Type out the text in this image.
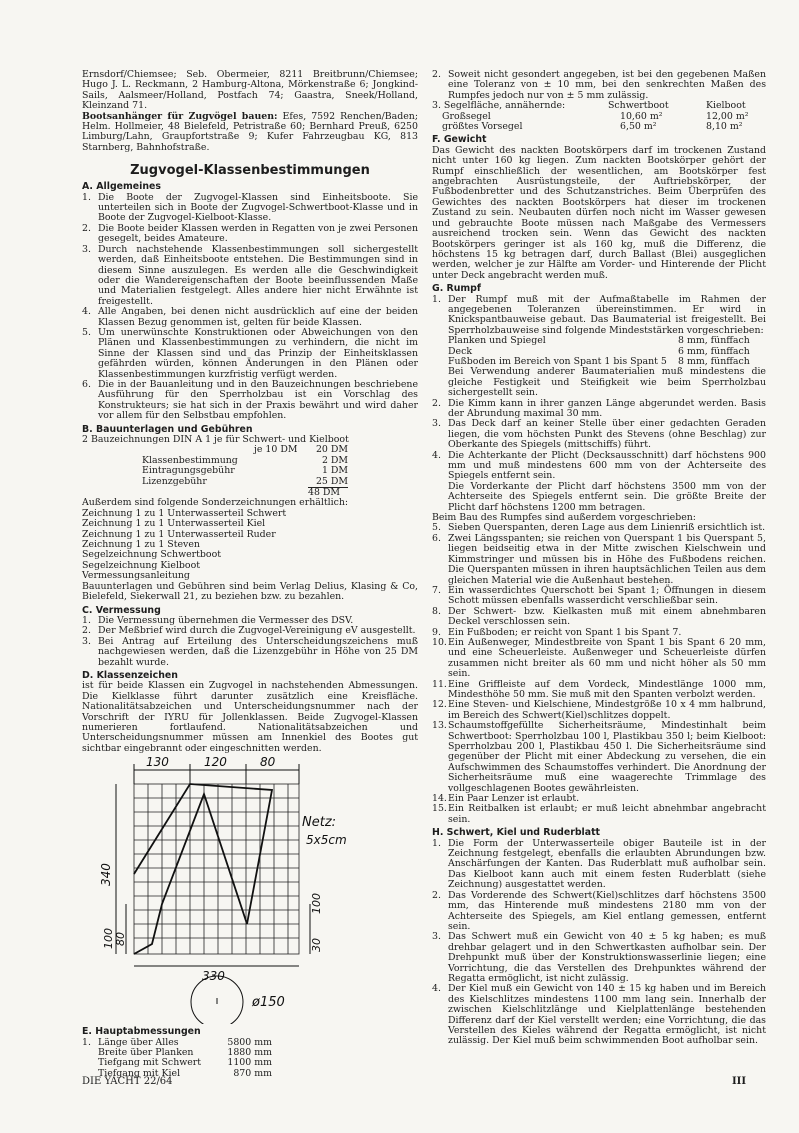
Ernsdorf/Chiemsee; Seb. Obermeier, 8211 Breitbrunn/Chiemsee; Hugo J. L. Reckmann, 2 Hamburg-Altona, Mörkenstraße 6; Jongkind-Sails, Aalsmeer/Holland, Postfach 74; Gaastra, Sneek/Holland, Kleinzand 71.

Bootsanhänger für Zugvögel bauen: Efes, 7592 Renchen/Baden; Helm. Hollmeier, 48 Bielefeld, Petristraße 60; Bernhard Preuß, 6250 Limburg/Lahn, Graupfortstraße 9; Kufer Fahrzeugbau KG, 813 Starnberg, Bahnhofstraße.

Zugvogel-Klassenbestimmungen
A. Allgemeines
1. Die Boote der Zugvogel-Klassen sind Einheitsboote. Sie unterteilen sich in Boote der Zugvogel-Schwertboot-Klasse und in Boote der Zugvogel-Kielboot-Klasse.
2. Die Boote beider Klassen werden in Regatten von je zwei Personen gesegelt, beides Amateure.
3. Durch nachstehende Klassenbestimmungen soll sichergestellt werden, daß Einheitsboote entstehen. Die Bestimmungen sind in diesem Sinne auszulegen. Es werden alle die Geschwindigkeit oder die Wandereigenschaften der Boote beeinflussenden Maße und Materialien festgelegt. Alles andere hier nicht Erwähnte ist freigestellt.
4. Alle Angaben, bei denen nicht ausdrücklich auf eine der beiden Klassen Bezug genommen ist, gelten für beide Klassen.
5. Um unerwünschte Konstruktionen oder Abweichungen von den Plänen und Klassenbestimmungen zu verhindern, die nicht im Sinne der Klassen sind und das Prinzip der Einheitsklassen gefährden würden, können Änderungen in den Plänen oder Klassenbestimmungen kurzfristig verfügt werden.
6. Die in der Bauanleitung und in den Bauzeichnungen beschriebene Ausführung für den Sperrholzbau ist ein Vorschlag des Konstrukteurs; sie hat sich in der Praxis bewährt und wird daher vor allem für den Selbstbau empfohlen.
B. Bauunterlagen und Gebühren

2 Bauzeichnungen DIN A 1 je für Schwert- und Kielboot

je 10 DM	20 DM
Klassenbestimmung	2 DM
Eintragungsgebühr	1 DM
Lizenzgebühr	25 DM
48 DM

Außerdem sind folgende Sonderzeichnungen erhältlich:

Zeichnung 1 zu 1 Unterwasserteil Schwert

Zeichnung 1 zu 1 Unterwasserteil Kiel

Zeichnung 1 zu 1 Unterwasserteil Ruder

Zeichnung 1 zu 1 Steven

Segelzeichnung Schwertboot

Segelzeichnung Kielboot

Vermessungsanleitung

Bauunterlagen und Gebühren sind beim Verlag Delius, Klasing & Co, Bielefeld, Siekerwall 21, zu beziehen bzw. zu bezahlen.

C. Vermessung
1. Die Vermessung übernehmen die Vermesser des DSV.
2. Der Meßbrief wird durch die Zugvogel-Vereinigung eV ausgestellt.
3. Bei Antrag auf Erteilung des Unterscheidungszeichens muß nachgewiesen werden, daß die Lizenzgebühr in Höhe von 25 DM bezahlt wurde.
D. Klassenzeichen

ist für beide Klassen ein Zugvogel in nachstehenden Abmessungen. Die Kielklasse führt darunter zusätzlich eine Kreisfläche. Nationalitätsabzeichen und Unterscheidungsnummer nach der Vorschrift der IYRU für Jollenklassen. Beide Zugvogel-Klassen numerieren fortlaufend. Nationalitätsabzeichen und Unterscheidungsnummer müssen am Innenkiel des Bootes gut sichtbar eingebrannt oder eingeschnitten werden.

130	120	80
Netz:
5x5cm
340
100 80
100
30
330
ø150
E. Hauptabmessungen
1. Länge über Alles	5800 mm
Breite über Planken	1880 mm
Tiefgang mit Schwert	1100 mm
Tiefgang mit Kiel	870 mm
DIE YACHT 22/64
2. Soweit nicht gesondert angegeben, ist bei den gegebenen Maßen eine Toleranz von ± 10 mm, bei den senkrechten Maßen des Rumpfes jedoch nur von ± 5 mm zulässig.
3. Segelfläche, annähernde:	Schwertboot	Kielboot
Großsegel	10,60 m²	12,00 m²
größtes Vorsegel	6,50 m²	8,10 m²
F. Gewicht

Das Gewicht des nackten Bootskörpers darf im trockenen Zustand nicht unter 160 kg liegen. Zum nackten Bootskörper gehört der Rumpf einschließlich der wesentlichen, am Bootskörper fest angebrachten Ausrüstungsteile, der Auftriebskörper, der Fußbodenbretter und des Schutzanstriches. Beim Überprüfen des Gewichtes des nackten Bootskörpers hat dieser im trockenen Zustand zu sein. Neubauten dürfen noch nicht im Wasser gewesen und gebrauchte Boote müssen nach Maßgabe des Vermessers ausreichend trocken sein. Wenn das Gewicht des nackten Bootskörpers geringer ist als 160 kg, muß die Differenz, die höchstens 15 kg betragen darf, durch Ballast (Blei) ausgeglichen werden, welcher je zur Hälfte am Vorder- und Hinterende der Plicht unter Deck angebracht werden muß.

G. Rumpf
1. Der Rumpf muß mit der Aufmaßtabelle im Rahmen der angegebenen Toleranzen übereinstimmen. Er wird in Knickspantbauweise gebaut. Das Baumaterial ist freigestellt. Bei Sperrholzbauweise sind folgende Mindeststärken vorgeschrieben:
Planken und Spiegel	8 mm, fünffach
Deck	6 mm, fünffach
Fußboden im Bereich von Spant 1 bis Spant 5	8 mm, fünffach

Bei Verwendung anderer Baumaterialien muß mindestens die gleiche Festigkeit und Steifigkeit wie beim Sperrholzbau sichergestellt sein.

2. Die Kimm kann in ihrer ganzen Länge abgerundet werden. Basis der Abrundung maximal 30 mm.
3. Das Deck darf an keiner Stelle über einer gedachten Geraden liegen, die vom höchsten Punkt des Stevens (ohne Beschlag) zur Oberkante des Spiegels (mittschiffs) führt.
4. Die Achterkante der Plicht (Decksausschnitt) darf höchstens 900 mm und muß mindestens 600 mm von der Achterseite des Spiegels entfernt sein.

Die Vorderkante der Plicht darf höchstens 3500 mm von der Achterseite des Spiegels entfernt sein. Die größte Breite der Plicht darf höchstens 1200 mm betragen.

Beim Bau des Rumpfes sind außerdem vorgeschrieben:

5. Sieben Querspanten, deren Lage aus dem Linienriß ersichtlich ist.
6. Zwei Längsspanten; sie reichen von Querspant 1 bis Querspant 5, liegen beidseitig etwa in der Mitte zwischen Kielschwein und Kimmstringer und müssen bis in Höhe des Fußbodens reichen. Die Querspanten müssen in ihren hauptsächlichen Teilen aus dem gleichen Material wie die Außenhaut bestehen.
7. Ein wasserdichtes Querschott bei Spant 1; Öffnungen in diesem Schott müssen ebenfalls wasserdicht verschließbar sein.
8. Der Schwert- bzw. Kielkasten muß mit einem abnehmbaren Deckel verschlossen sein.
9. Ein Fußboden; er reicht von Spant 1 bis Spant 7.
10. Ein Außenweger, Mindestbreite von Spant 1 bis Spant 6 20 mm, und eine Scheuerleiste. Außenweger und Scheuerleiste dürfen zusammen nicht breiter als 60 mm und nicht höher als 50 mm sein.
11. Eine Griffleiste auf dem Vordeck, Mindestlänge 1000 mm, Mindesthöhe 50 mm. Sie muß mit den Spanten verbolzt werden.
12. Eine Steven- und Kielschiene, Mindestgröße 10 x 4 mm halbrund, im Bereich des Schwert(Kiel)schlitzes doppelt.
13. Schaumstoffgefüllte Sicherheitsräume, Mindestinhalt beim Schwertboot: Sperrholzbau 100 l, Plastikbau 350 l; beim Kielboot: Sperrholzbau 200 l, Plastikbau 450 l. Die Sicherheitsräume sind gegenüber der Plicht mit einer Abdeckung zu versehen, die ein Aufschwimmen des Schaumstoffes verhindert. Die Anordnung der Sicherheitsräume muß eine waagerechte Trimmlage des vollgeschlagenen Bootes gewährleisten.
14. Ein Paar Lenzer ist erlaubt.
15. Ein Reitbalken ist erlaubt; er muß leicht abnehmbar angebracht sein.
H. Schwert, Kiel und Ruderblatt
1. Die Form der Unterwasserteile obiger Bauteile ist in der Zeichnung festgelegt, ebenfalls die erlaubten Abrundungen bzw. Anschärfungen der Kanten. Das Ruderblatt muß aufholbar sein. Das Kielboot kann auch mit einem festen Ruderblatt (siehe Zeichnung) ausgestattet werden.
2. Das Vorderende des Schwert(Kiel)schlitzes darf höchstens 3500 mm, das Hinterende muß mindestens 2180 mm von der Achterseite des Spiegels, am Kiel entlang gemessen, entfernt sein.
3. Das Schwert muß ein Gewicht von 40 ± 5 kg haben; es muß drehbar gelagert und in den Schwertkasten aufholbar sein. Der Drehpunkt muß über der Konstruktionswasserlinie liegen; eine Vorrichtung, die das Verstellen des Drehpunktes während der Regatta ermöglicht, ist nicht zulässig.
4. Der Kiel muß ein Gewicht von 140 ± 15 kg haben und im Bereich des Kielschlitzes mindestens 1100 mm lang sein. Innerhalb der zwischen Kielschlitzlänge und Kielplattenlänge bestehenden Differenz darf der Kiel verstellt werden; eine Vorrichtung, die das Verstellen des Kieles während der Regatta ermöglicht, ist nicht zulässig. Der Kiel muß beim schwimmenden Boot aufholbar sein.
III
